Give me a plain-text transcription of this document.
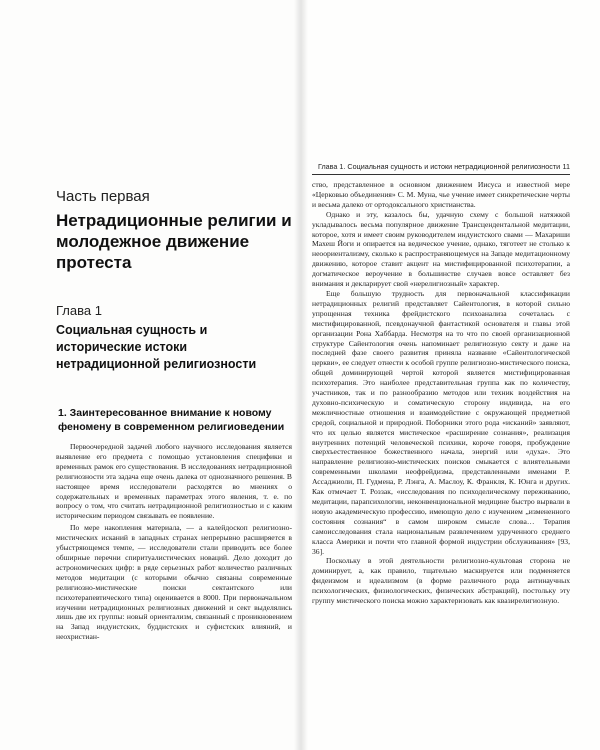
Часть первая

Нетрадиционные религии и молодежное движение протеста

Глава 1

Социальная сущность и исторические истоки нетрадиционной религиозности
1. Заинтересованное внимание к новому феномену в современном религиоведении

Первоочередной задачей любого научного исследования является выявление его предмета с помощью установления специфики и временных рамок его существования. В исследованиях нетрадиционной религиозности эта задача еще очень далека от однозначного решения. В настоящее время исследователи расходятся во мнениях о содержательных и временных параметрах этого явления, т. е. по вопросу о том, что считать нетрадиционной религиозностью и с каким историческим периодом связывать ее появление.

По мере накопления материала, — а калейдоскоп религиозно-мистических исканий в западных странах непрерывно расширяется в убыстряющемся темпе, — исследователи стали приводить все более обширные перечни спиритуалистических новаций. Дело доходит до астрономических цифр: в ряде серьезных работ количество различных методов медитации (с которыми обычно связаны современные религиозно-мистические поиски сектантского или психотерапевтического типа) оценивается в 8000. При первоначальном изучении нетрадиционных религиозных движений и сект выделялись лишь две их группы: новый ориентализм, связанный с проникновением на Запад индуистских, буддистских и суфистских влияний, и неохристиан-

Глава 1. Социальная сущность и истоки нетрадиционной религиозности 11

ство, представленное в основном движением Иисуса и известной мере «Церковью объединения» С. М. Муна, чье учение имеет синкретические черты и весьма далеко от ортодоксального христианства.

Однако и эту, казалось бы, удачную схему с большой натяжкой укладывалось весьма популярное движение Трансцендентальной медитации, которое, хотя и имеет своим руководителем индуистского свами — Махариши Махеш Йоги и опирается на ведическое учение, однако, тяготеет не столько к неоориентализму, сколько к распространяющемуся на Западе медитационному движению, которое ставит акцент на мистифицированной психотерапии, а догматическое вероучение в большинстве случаев вовсе оставляет без внимания и декларирует свой «нерелигиозный» характер.

Еще большую трудность для первоначальной классификации нетрадиционных религий представляет Сайентология, в которой сильно упрощенная техника фрейдистского психоанализа сочеталась с мистифицированной, псевдонаучной фантастикой основателя и главы этой организации Рона Хаббарда. Несмотря на то что по своей организационной структуре Сайентология очень напоминает религиозную секту и даже на последней фазе своего развития приняла название «Сайентологической церкви», ее следует отнести к особой группе религиозно-мистического поиска, общей доминирующей чертой которой является мистифицированная психотерапия. Это наиболее представительная группа как по количеству, участников, так и по разнообразию методов или техник воздействия на духовно-психическую и соматическую сторону индивида, на его межличностные отношения и взаимодействие с окружающей предметной средой, социальной и природной. Поборники этого рода «исканий» заявляют, что их целью является мистическое «расширение сознания», реализация внутренних потенций человеческой психики, короче говоря, пробуждение сверхъестественное божественного начала, энергий или «духа». Это направление религиозно-мистических поисков смыкается с влиятельными современными школами неофрейдизма, представленными именами Р. Ассаджиоли, П. Гудмена, Р. Лэнга, А. Маслоу, К. Франкля, К. Юнга и других. Как отмечает Т. Роззак, «исследования по психоделическому переживанию, медитации, парапсихологии, неконвенциональной медицине быстро вырвали в новую академическую профессию, имеющую дело с изучением „измененного состояния сознания“ в самом широком смысле слова… Терапия самоисследования стала национальным развлечением удрученного среднего класса Америки и почти что главной формой индустрии обслуживания» [93, 36].

Поскольку в этой деятельности религиозно-культовая сторона не доминирует, а, как правило, тщательно маскируется или подменяется фидеизмом и идеализмом (в форме различного рода антинаучных психологических, физиологических, физических абстракций), постольку эту группу мистического поиска можно характеризовать как квазирелигиозную.
